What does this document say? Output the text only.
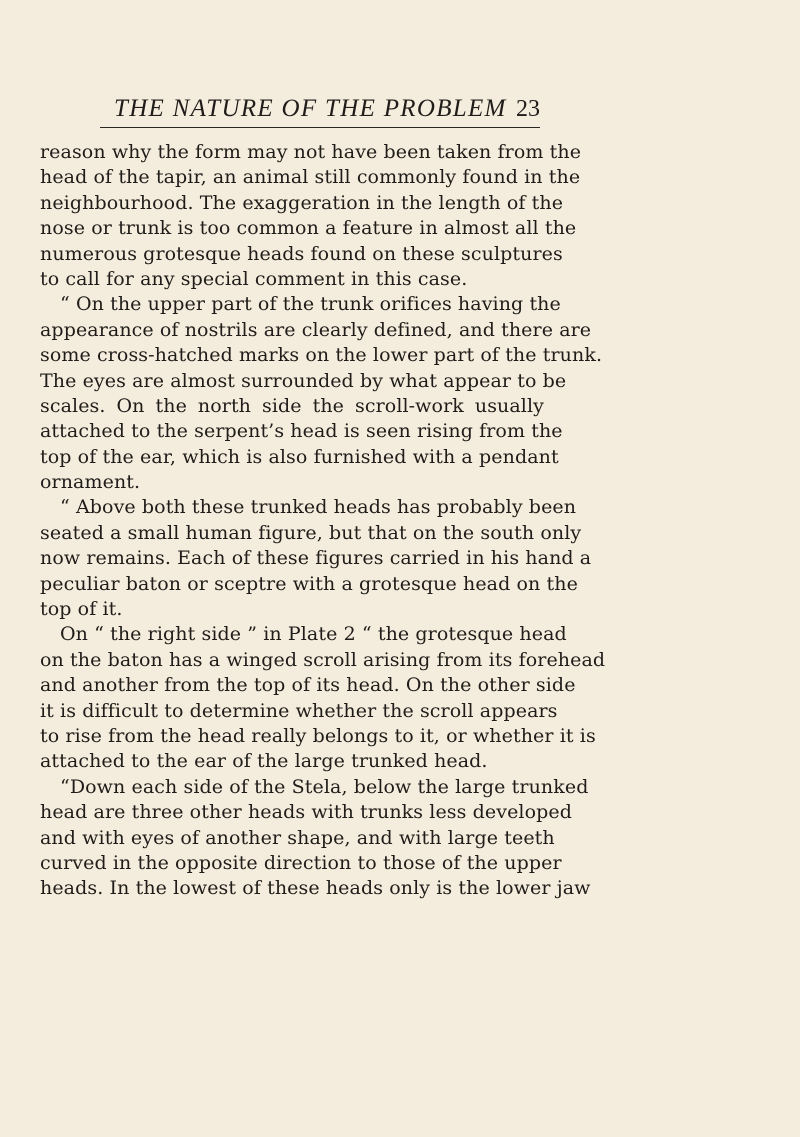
THE NATURE OF THE PROBLEM 23
reason why the form may not have been taken from the
head of the tapir, an animal still commonly found in the
neighbourhood. The exaggeration in the length of the
nose or trunk is too common a feature in almost all the
numerous grotesque heads found on these sculptures
to call for any special comment in this case.
“ On the upper part of the trunk orifices having the
appearance of nostrils are clearly defined, and there are
some cross-hatched marks on the lower part of the trunk.
The eyes are almost surrounded by what appear to be
scales. On the north side the scroll-work usually
attached to the serpent’s head is seen rising from the
top of the ear, which is also furnished with a pendant
ornament.
“ Above both these trunked heads has probably been
seated a small human figure, but that on the south only
now remains. Each of these figures carried in his hand a
peculiar baton or sceptre with a grotesque head on the
top of it.
On “ the right side ” in Plate 2 “ the grotesque head
on the baton has a winged scroll arising from its forehead
and another from the top of its head. On the other side
it is difficult to determine whether the scroll appears
to rise from the head really belongs to it, or whether it is
attached to the ear of the large trunked head.
“Down each side of the Stela, below the large trunked
head are three other heads with trunks less developed
and with eyes of another shape, and with large teeth
curved in the opposite direction to those of the upper
heads. In the lowest of these heads only is the lower jaw
